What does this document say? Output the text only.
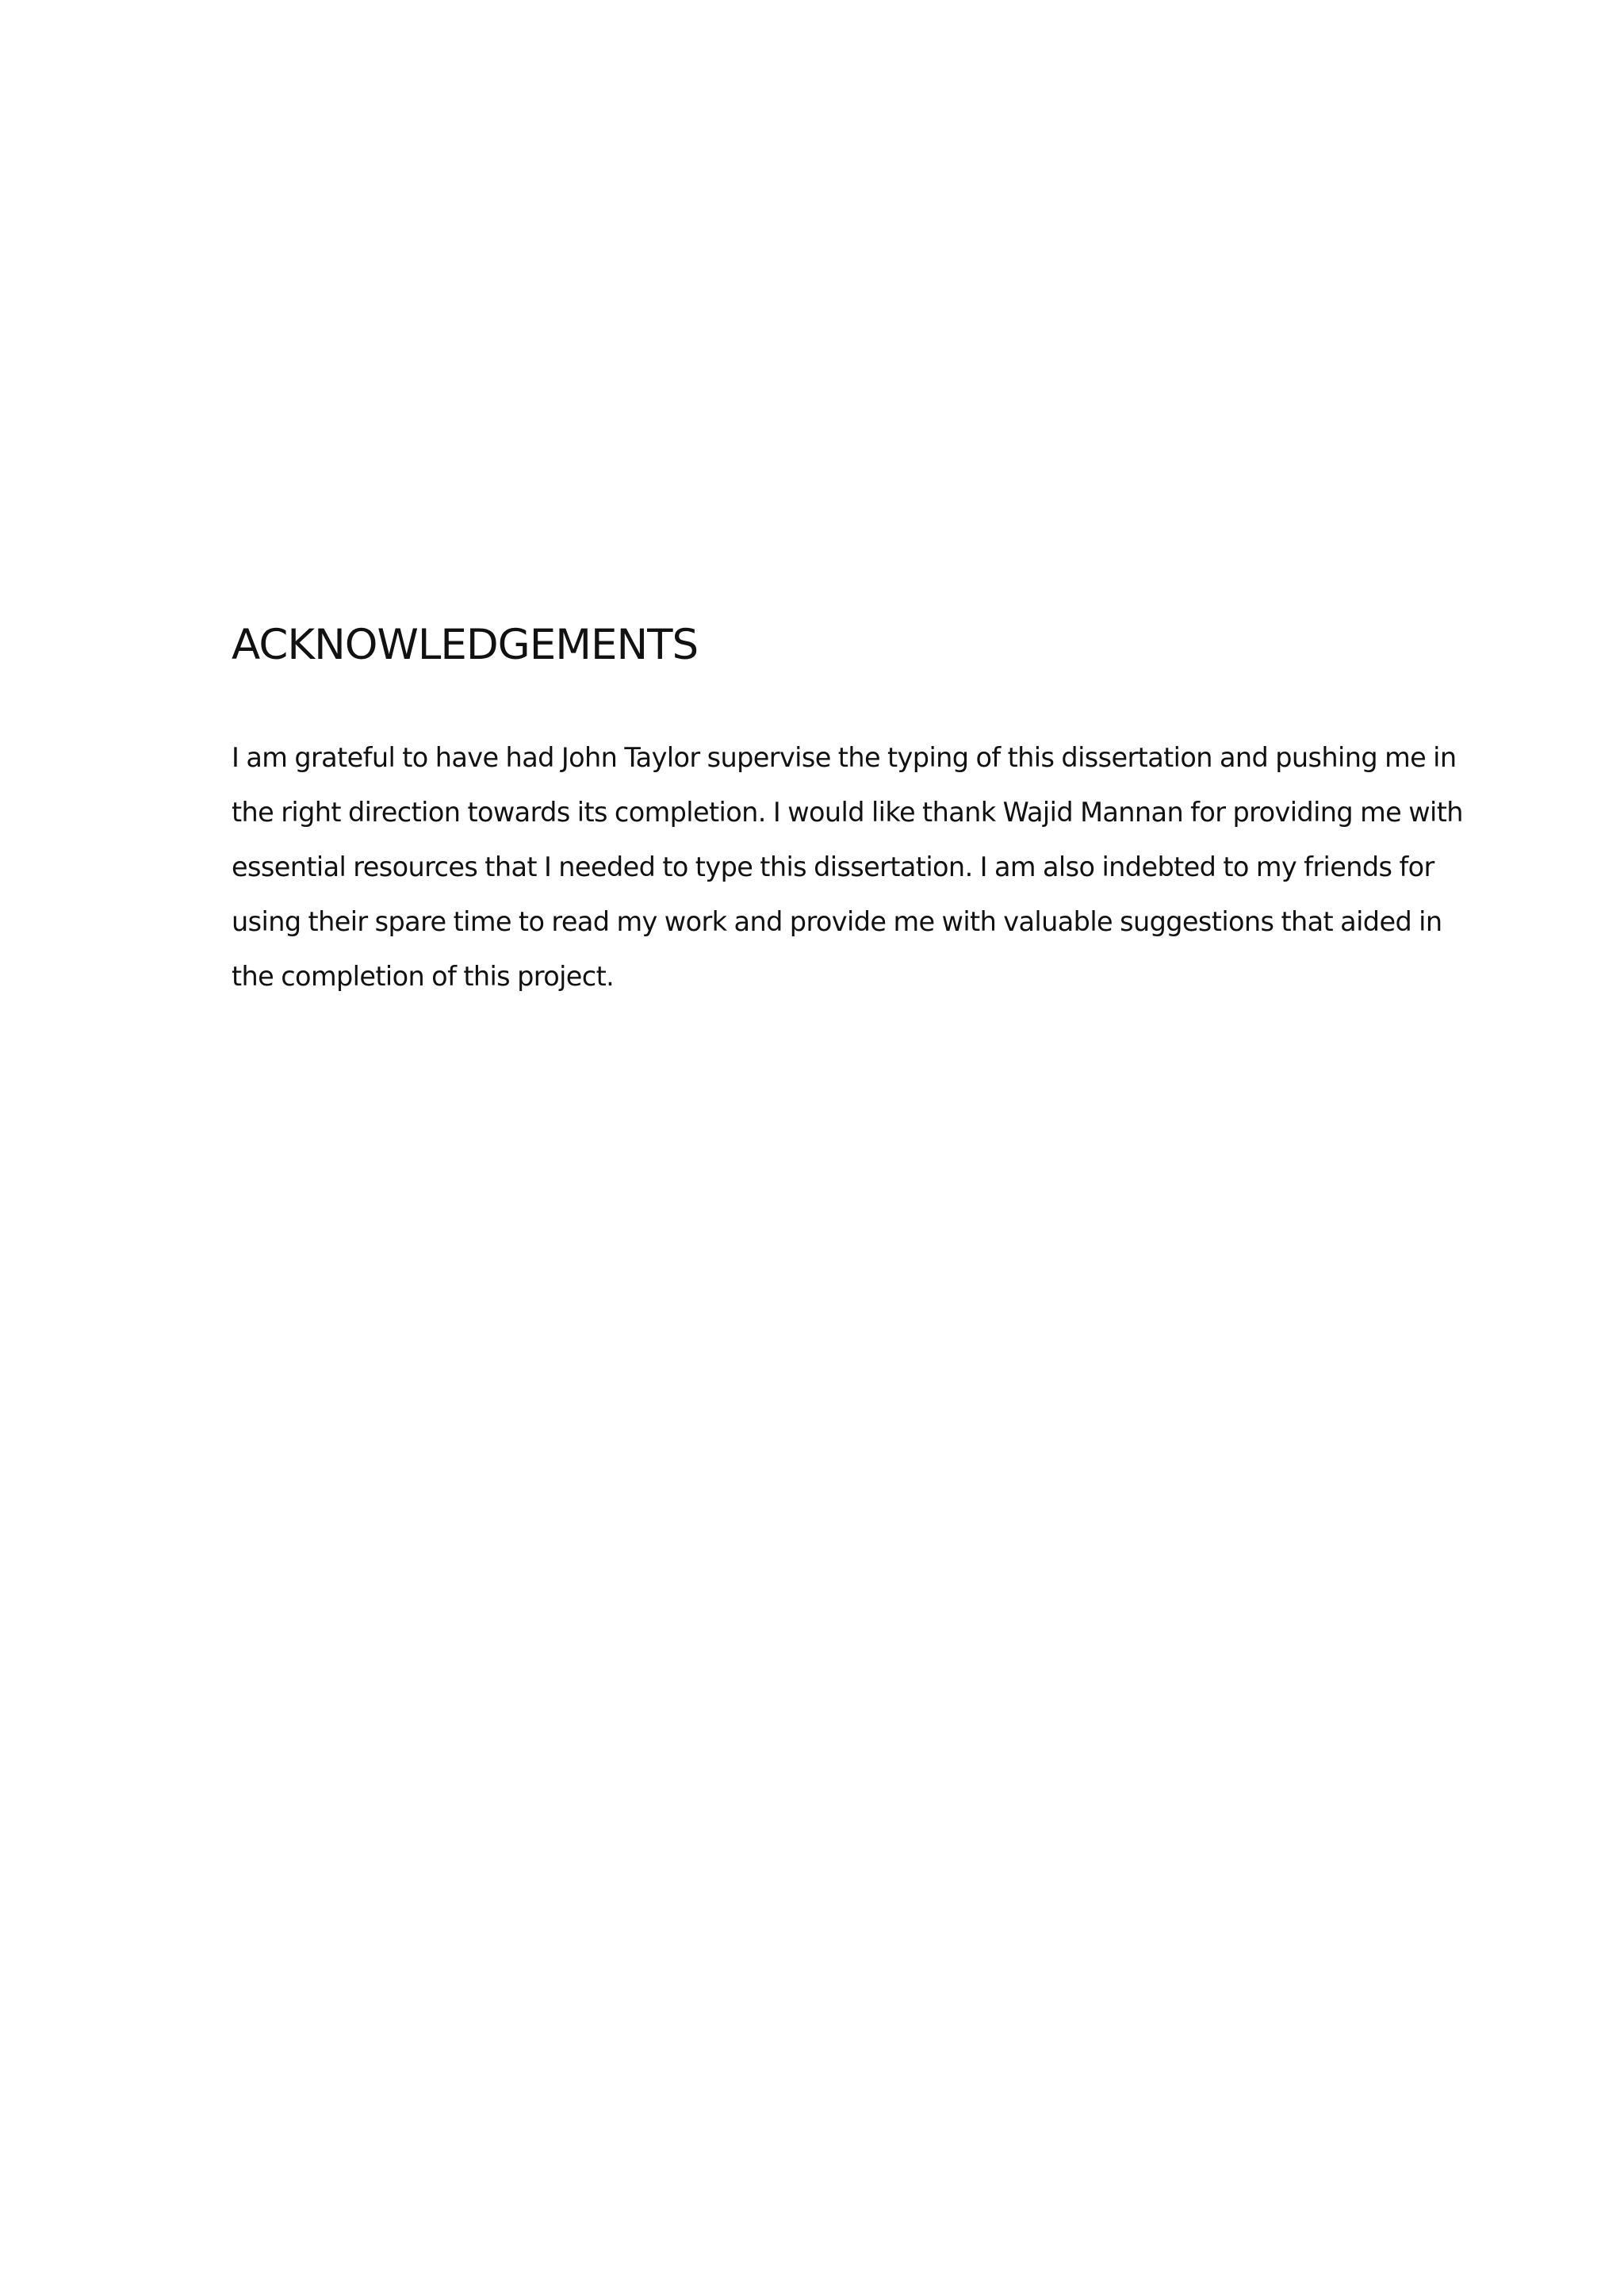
ACKNOWLEDGEMENTS

I am grateful to have had John Taylor supervise the typing of this dissertation and pushing me in
the right direction towards its completion. I would like thank Wajid Mannan for providing me with
essential resources that I needed to type this dissertation. I am also indebted to my friends for
using their spare time to read my work and provide me with valuable suggestions that aided in
the completion of this project.
